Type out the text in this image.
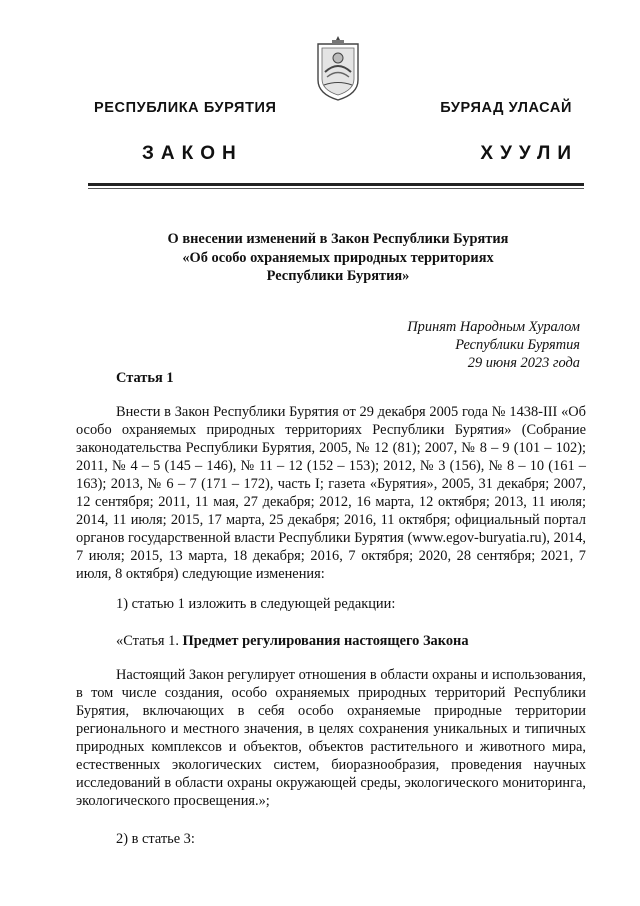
РЕСПУБЛИКА БУРЯТИЯ	БУРЯАД УЛАСАЙ
ЗАКОН	ХУУЛИ
О внесении изменений в Закон Республики Бурятия
«Об особо охраняемых природных территориях
Республики Бурятия»
Принят Народным Хуралом
Республики Бурятия
29 июня 2023 года
Статья 1
Внести в Закон Республики Бурятия от 29 декабря 2005 года № 1438-III «Об особо охраняемых природных территориях Республики Бурятия» (Собрание законодательства Республики Бурятия, 2005, № 12 (81); 2007, № 8 – 9 (101 – 102); 2011, № 4 – 5 (145 – 146), № 11 – 12 (152 – 153); 2012, № 3 (156), № 8 – 10 (161 – 163); 2013, № 6 – 7 (171 – 172), часть I; газета «Бурятия», 2005, 31 декабря; 2007, 12 сентября; 2011, 11 мая, 27 декабря; 2012, 16 марта, 12 октября; 2013, 11 июля; 2014, 11 июля; 2015, 17 марта, 25 декабря; 2016, 11 октября; официальный портал органов государственной власти Республики Бурятия (www.egov-buryatia.ru), 2014, 7 июля; 2015, 13 марта, 18 декабря; 2016, 7 октября; 2020, 28 сентября; 2021, 7 июля, 8 октября) следующие изменения:
1) статью 1 изложить в следующей редакции:
«Статья 1. Предмет регулирования настоящего Закона
Настоящий Закон регулирует отношения в области охраны и использования, в том числе создания, особо охраняемых природных территорий Республики Бурятия, включающих в себя особо охраняемые природные территории регионального и местного значения, в целях сохранения уникальных и типичных природных комплексов и объектов, объектов растительного и животного мира, естественных экологических систем, биоразнообразия, проведения научных исследований в области охраны окружающей среды, экологического мониторинга, экологического просвещения.»;
2) в статье 3:
